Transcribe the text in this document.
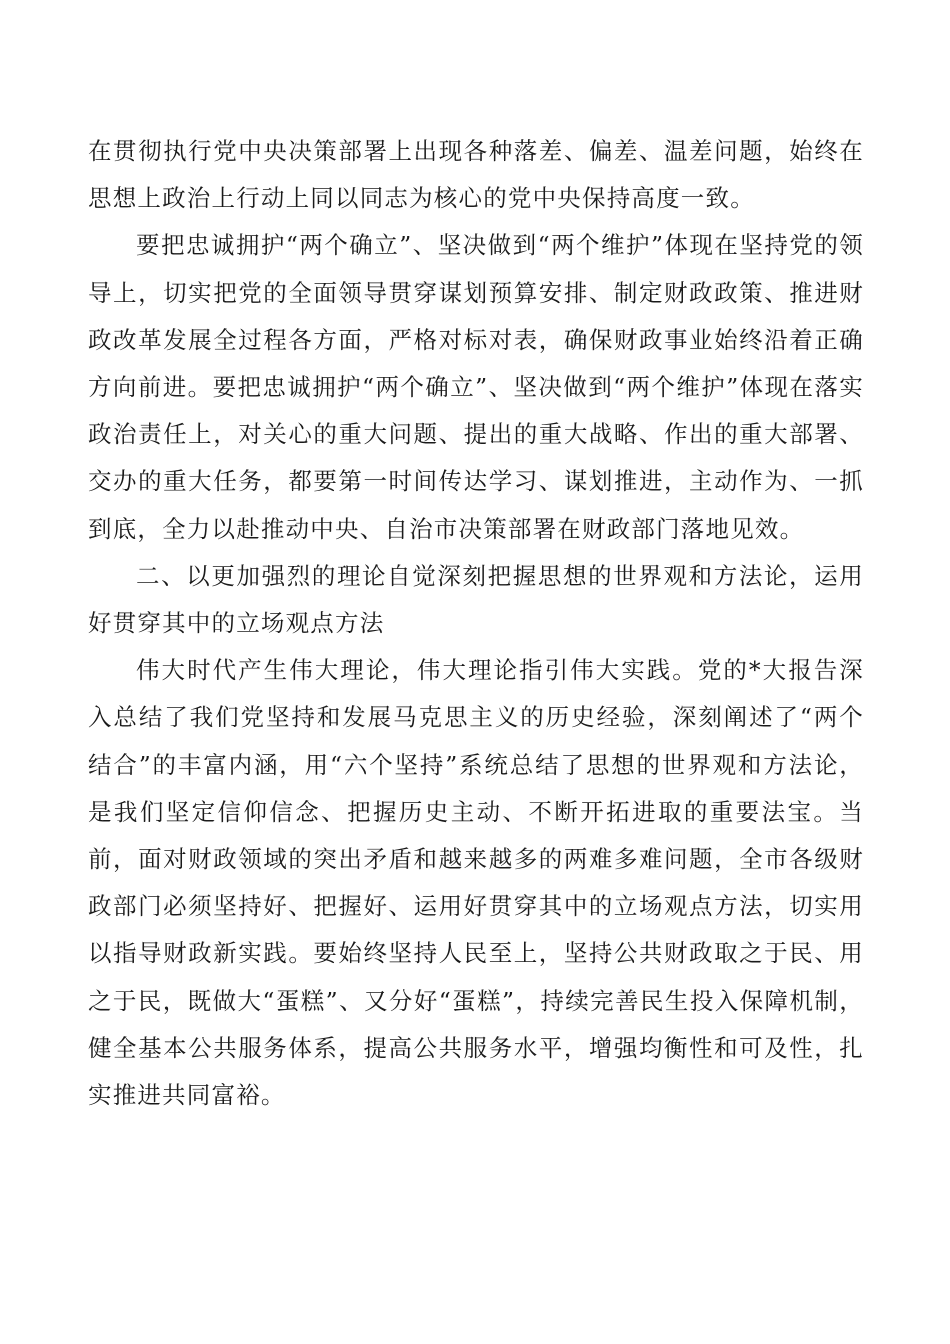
在贯彻执行党中央决策部署上出现各种落差、偏差、温差问题，始终在思想上政治上行动上同以同志为核心的党中央保持高度一致。

要把忠诚拥护“两个确立”、坚决做到“两个维护”体现在坚持党的领导上，切实把党的全面领导贯穿谋划预算安排、制定财政政策、推进财政改革发展全过程各方面，严格对标对表，确保财政事业始终沿着正确方向前进。要把忠诚拥护“两个确立”、坚决做到“两个维护”体现在落实政治责任上，对关心的重大问题、提出的重大战略、作出的重大部署、交办的重大任务，都要第一时间传达学习、谋划推进，主动作为、一抓到底，全力以赴推动中央、自治市决策部署在财政部门落地见效。

二、以更加强烈的理论自觉深刻把握思想的世界观和方法论，运用好贯穿其中的立场观点方法

伟大时代产生伟大理论，伟大理论指引伟大实践。党的*大报告深入总结了我们党坚持和发展马克思主义的历史经验，深刻阐述了“两个结合”的丰富内涵，用“六个坚持”系统总结了思想的世界观和方法论，是我们坚定信仰信念、把握历史主动、不断开拓进取的重要法宝。当前，面对财政领域的突出矛盾和越来越多的两难多难问题，全市各级财政部门必须坚持好、把握好、运用好贯穿其中的立场观点方法，切实用以指导财政新实践。要始终坚持人民至上，坚持公共财政取之于民、用之于民，既做大“蛋糕”、又分好“蛋糕”，持续完善民生投入保障机制，健全基本公共服务体系，提高公共服务水平，增强均衡性和可及性，扎实推进共同富裕。
